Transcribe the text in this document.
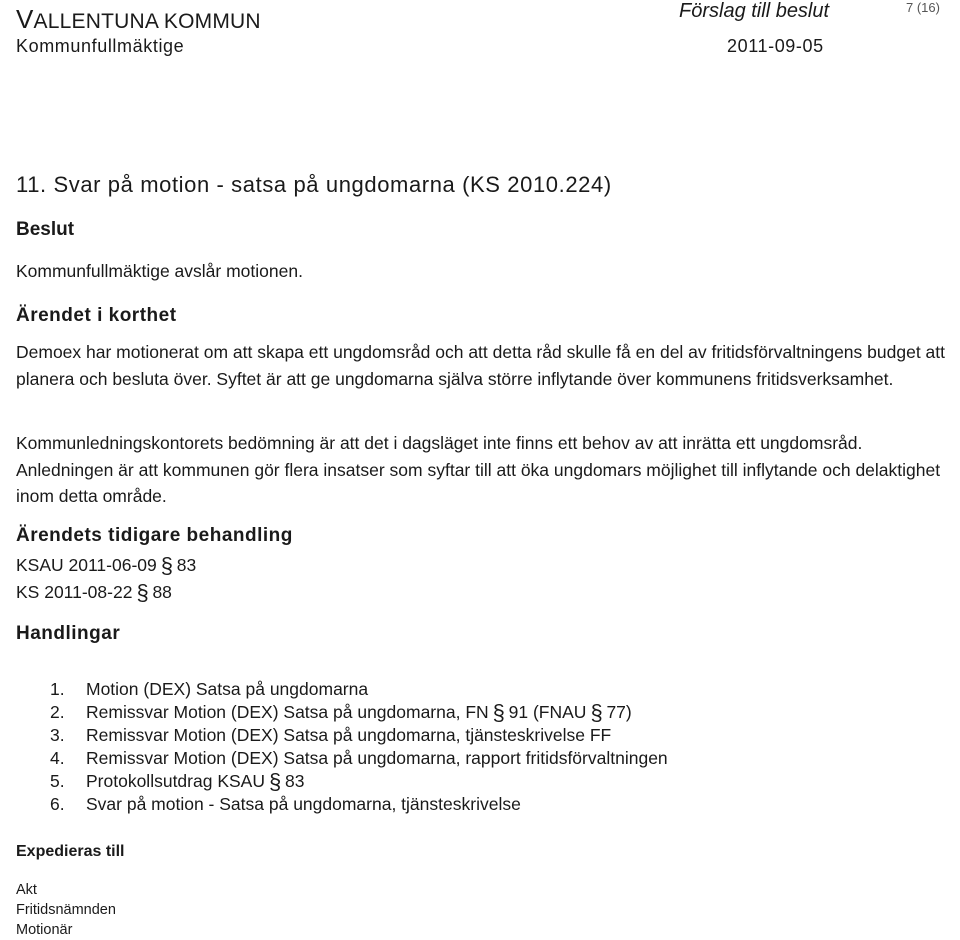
VALLENTUNA KOMMUN	Förslag till beslut	7 (16)
Kommunfullmäktige	2011-09-05
11. Svar på motion - satsa på ungdomarna (KS 2010.224)
Beslut
Kommunfullmäktige avslår motionen.
Ärendet i korthet

Demoex har motionerat om att skapa ett ungdomsråd och att detta råd skulle få en del av fritidsförvaltningens budget att planera och besluta över. Syftet är att ge ungdomarna själva större inflytande över kommunens fritidsverksamhet.

Kommunledningskontorets bedömning är att det i dagsläget inte finns ett behov av att inrätta ett ungdomsråd. Anledningen är att kommunen gör flera insatser som syftar till att öka ungdomars möjlighet till inflytande och delaktighet inom detta område.

Ärendets tidigare behandling
KSAU 2011-06-09 § 83
KS 2011-08-22 § 88
Handlingar
1. Motion (DEX) Satsa på ungdomarna
2. Remissvar Motion (DEX) Satsa på ungdomarna, FN § 91 (FNAU § 77)
3. Remissvar Motion (DEX) Satsa på ungdomarna, tjänsteskrivelse FF
4. Remissvar Motion (DEX) Satsa på ungdomarna, rapport fritidsförvaltningen
5. Protokollsutdrag KSAU § 83
6. Svar på motion - Satsa på ungdomarna, tjänsteskrivelse
Expedieras till
Akt
Fritidsnämnden
Motionär
